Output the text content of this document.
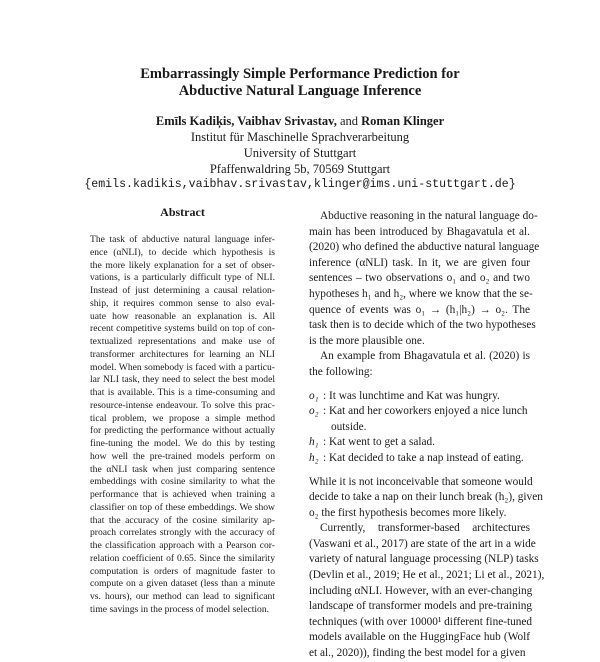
Embarrassingly Simple Performance Prediction for
Abductive Natural Language Inference
Emīls Kadiķis, Vaibhav Srivastav, and Roman Klinger
Institut für Maschinelle Sprachverarbeitung
University of Stuttgart
Pfaffenwaldring 5b, 70569 Stuttgart
{emils.kadikis,vaibhav.srivastav,klinger@ims.uni-stuttgart.de}
Abstract
The task of abductive natural language infer-
ence (αNLI), to decide which hypothesis is
the more likely explanation for a set of obser-
vations, is a particularly difficult type of NLI.
Instead of just determining a causal relation-
ship, it requires common sense to also eval-
uate how reasonable an explanation is. All
recent competitive systems build on top of con-
textualized representations and make use of
transformer architectures for learning an NLI
model. When somebody is faced with a particu-
lar NLI task, they need to select the best model
that is available. This is a time-consuming and
resource-intense endeavour. To solve this prac-
tical problem, we propose a simple method
for predicting the performance without actually
fine-tuning the model. We do this by testing
how well the pre-trained models perform on
the αNLI task when just comparing sentence
embeddings with cosine similarity to what the
performance that is achieved when training a
classifier on top of these embeddings. We show
that the accuracy of the cosine similarity ap-
proach correlates strongly with the accuracy of
the classification approach with a Pearson cor-
relation coefficient of 0.65. Since the similarity
computation is orders of magnitude faster to
compute on a given dataset (less than a minute
vs. hours), our method can lead to significant
time savings in the process of model selection.
Abductive reasoning in the natural language do-
main has been introduced by Bhagavatula et al.
(2020) who defined the abductive natural language
inference (αNLI) task. In it, we are given four
sentences – two observations o₁ and o₂ and two
hypotheses h₁ and h₂, where we know that the se-
quence of events was o₁ → (h₁|h₂) → o₂. The
task then is to decide which of the two hypotheses
is the more plausible one.
An example from Bhagavatula et al. (2020) is
the following:
o₁ : It was lunchtime and Kat was hungry.
o₂ : Kat and her coworkers enjoyed a nice lunch
outside.
h₁ : Kat went to get a salad.
h₂ : Kat decided to take a nap instead of eating.
While it is not inconceivable that someone would
decide to take a nap on their lunch break (h₂), given
o₂ the first hypothesis becomes more likely.
Currently, transformer-based architectures
(Vaswani et al., 2017) are state of the art in a wide
variety of natural language processing (NLP) tasks
(Devlin et al., 2019; He et al., 2021; Li et al., 2021),
including αNLI. However, with an ever-changing
landscape of transformer models and pre-training
techniques (with over 10000¹ different fine-tuned
models available on the HuggingFace hub (Wolf
et al., 2020)), finding the best model for a given
